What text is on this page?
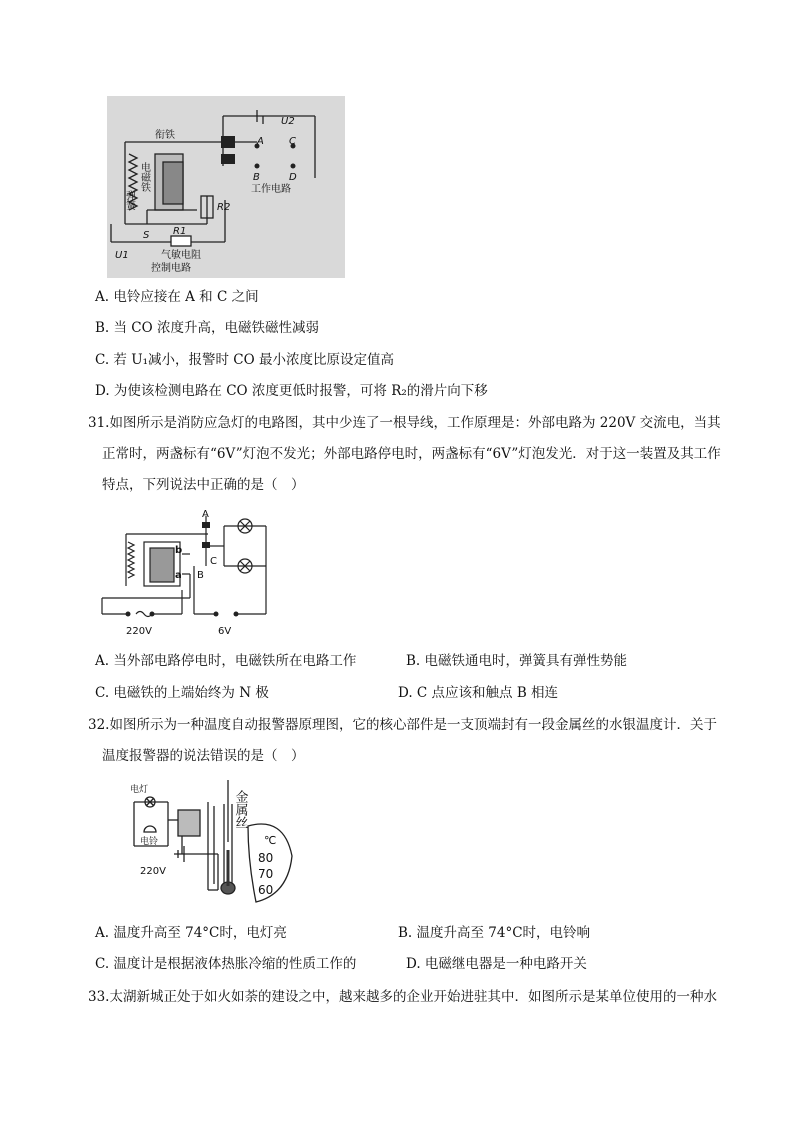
衔铁
弹簧
电磁铁
U2
A	C
B	D
工作电路
R2
S R1
U1	气敏电阻
控制电路
A. 电铃应接在 A 和 C 之间
B. 当 CO 浓度升高，电磁铁磁性减弱
C. 若 U₁减小，报警时 CO 最小浓度比原设定值高
D. 为使该检测电路在 CO 浓度更低时报警，可将 R₂的滑片向下移
31.如图所示是消防应急灯的电路图，其中少连了一根导线，工作原理是：外部电路为 220V 交流电，当其
正常时，两盏标有“6V”灯泡不发光；外部电路停电时，两盏标有“6V”灯泡发光．对于这一装置及其工作
特点，下列说法中正确的是（　）
A
B
C
a
b
220V	6V
A. 当外部电路停电时，电磁铁所在电路工作	B. 电磁铁通电时，弹簧具有弹性势能
C. 电磁铁的上端始终为 N 极	D. C 点应该和触点 B 相连
32.如图所示为一种温度自动报警器原理图，它的核心部件是一支顶端封有一段金属丝的水银温度计．关于
温度报警器的说法错误的是（　）
电灯
电铃
220V
金属丝
℃
80
70
60
A. 温度升高至 74°C时，电灯亮	B. 温度升高至 74°C时，电铃响
C. 温度计是根据液体热胀冷缩的性质工作的	D. 电磁继电器是一种电路开关
33.太湖新城正处于如火如荼的建设之中，越来越多的企业开始进驻其中．如图所示是某单位使用的一种水
